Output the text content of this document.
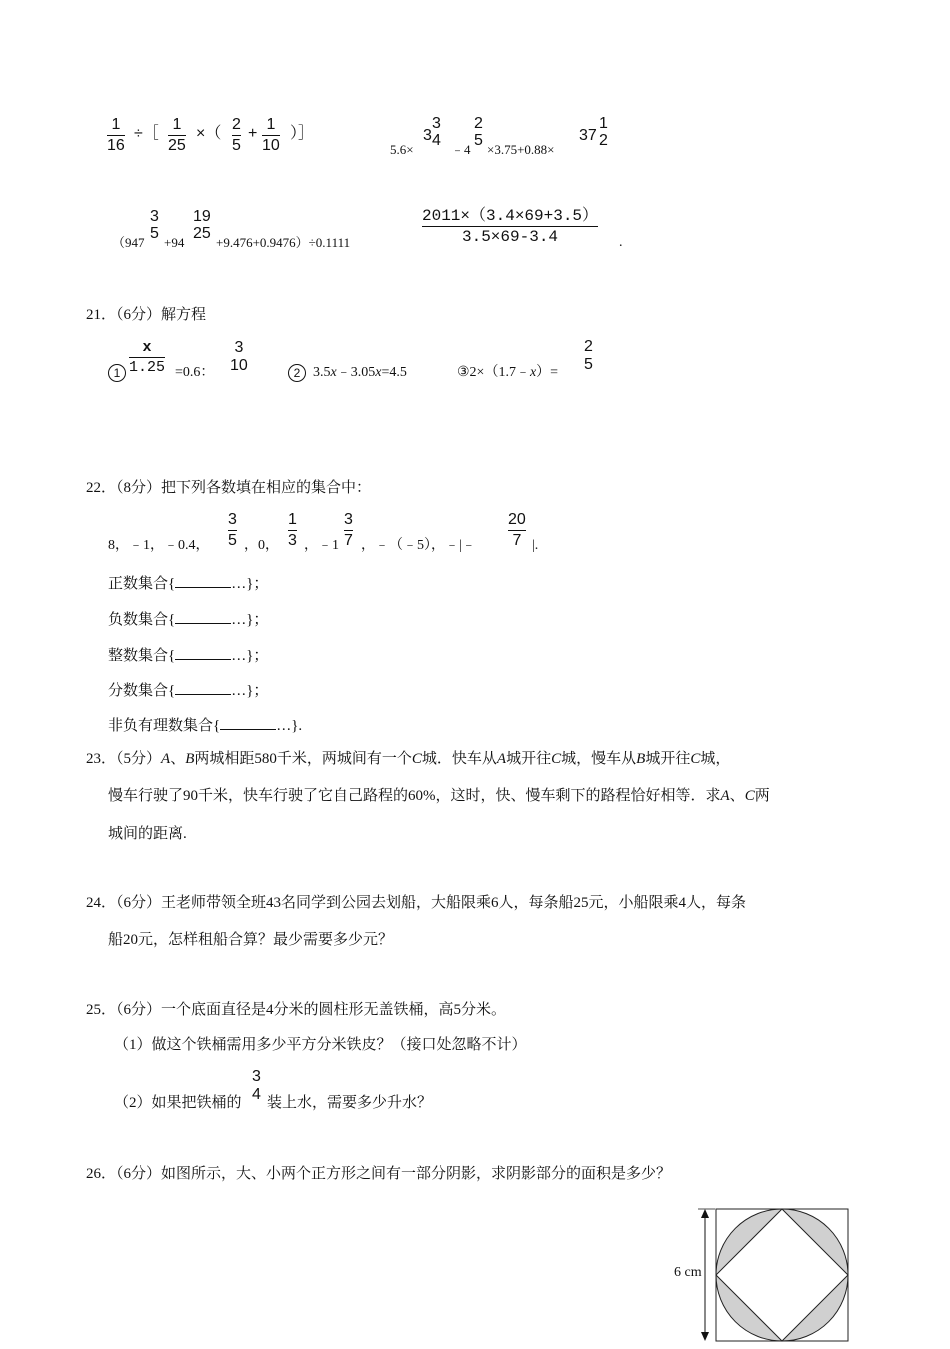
1
16
÷［
1
25
×（
2
5
+
1
10
）］
5.6×
3
3
4
﹣4
2
5
×3.75+0.88×
37
1
2
（947
3
5
+94
19
25
+9.476+0.9476）÷0.1111
2011×（3.4×69+3.5）
3.5×69-3.4	.
21．（6分）解方程
1
x
1.25 =0.6：
3
10	2 3.5x﹣3.05x=4.5	③2×（1.7﹣x）=
2
5
22．（8分）把下列各数填在相应的集合中：
8，﹣1，﹣0.4，
3
5 ，0，
1
3 ，﹣1
3
7 ，﹣（﹣5），﹣|﹣
20
7 |.
正数集合{	…}；
负数集合{	…}；
整数集合{	…}；
分数集合{	…}；
非负有理数集合{	…}.
23．（5分）A、B两城相距580千米，两城间有一个C城．快车从A城开往C城，慢车从B城开往C城，
慢车行驶了90千米，快车行驶了它自己路程的60%，这时，快、慢车剩下的路程恰好相等．求A、C两
城间的距离.
24．（6分）王老师带领全班43名同学到公园去划船，大船限乘6人，每条船25元，小船限乘4人，每条
船20元，怎样租船合算？最少需要多少元？
25．（6分）一个底面直径是4分米的圆柱形无盖铁桶，高5分米。
（1）做这个铁桶需用多少平方分米铁皮？（接口处忽略不计）
（2）如果把铁桶的
3
4 装上水，需要多少升水？
26．（6分）如图所示，大、小两个正方形之间有一部分阴影，求阴影部分的面积是多少？
6 cm
